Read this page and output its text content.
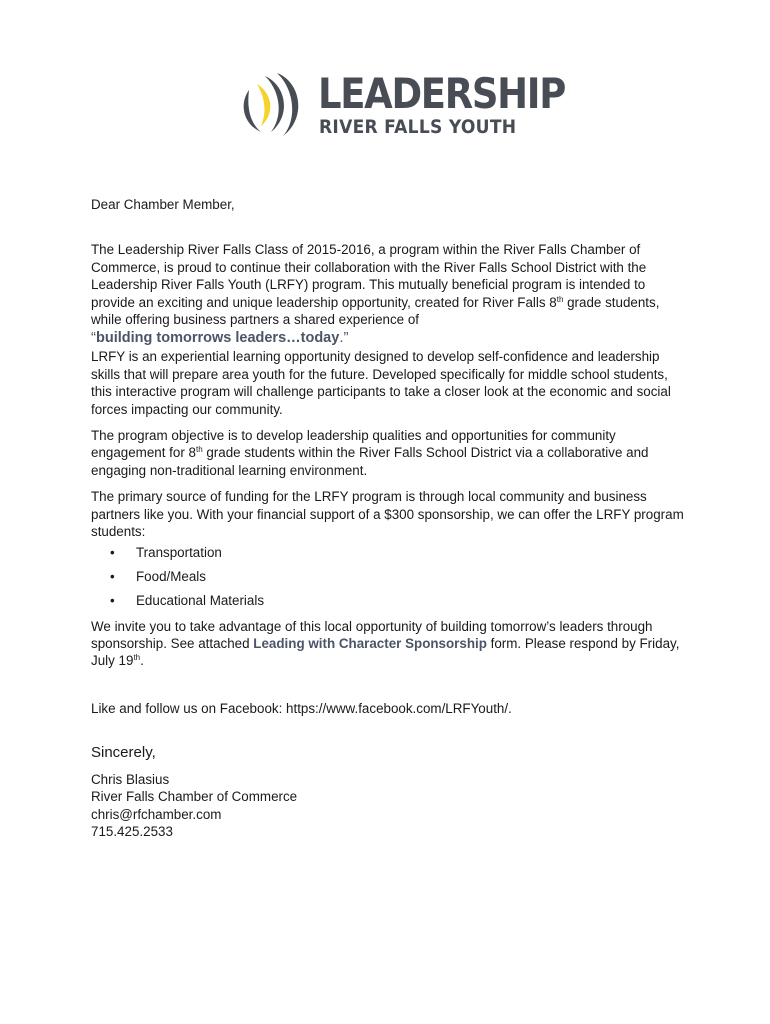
LEADERSHIP
RIVER FALLS YOUTH

Dear Chamber Member,

The Leadership River Falls Class of 2015-2016, a program within the River Falls Chamber of Commerce, is proud to continue their collaboration with the River Falls School District with the Leadership River Falls Youth (LRFY) program. This mutually beneficial program is intended to provide an exciting and unique leadership opportunity, created for River Falls 8th grade students, while offering business partners a shared experience of

“building tomorrows leaders…today.”

LRFY is an experiential learning opportunity designed to develop self-confidence and leadership skills that will prepare area youth for the future. Developed specifically for middle school students, this interactive program will challenge participants to take a closer look at the economic and social forces impacting our community.

The program objective is to develop leadership qualities and opportunities for community engagement for 8th grade students within the River Falls School District via a collaborative and engaging non-traditional learning environment.

The primary source of funding for the LRFY program is through local community and business partners like you. With your financial support of a $300 sponsorship, we can offer the LRFY program students:

• Transportation
• Food/Meals
• Educational Materials

We invite you to take advantage of this local opportunity of building tomorrow’s leaders through sponsorship. See attached Leading with Character Sponsorship form. Please respond by Friday, July 19th.

Like and follow us on Facebook: https://www.facebook.com/LRFYouth/.

Sincerely,

Chris Blasius

River Falls Chamber of Commerce

chris@rfchamber.com

715.425.2533
